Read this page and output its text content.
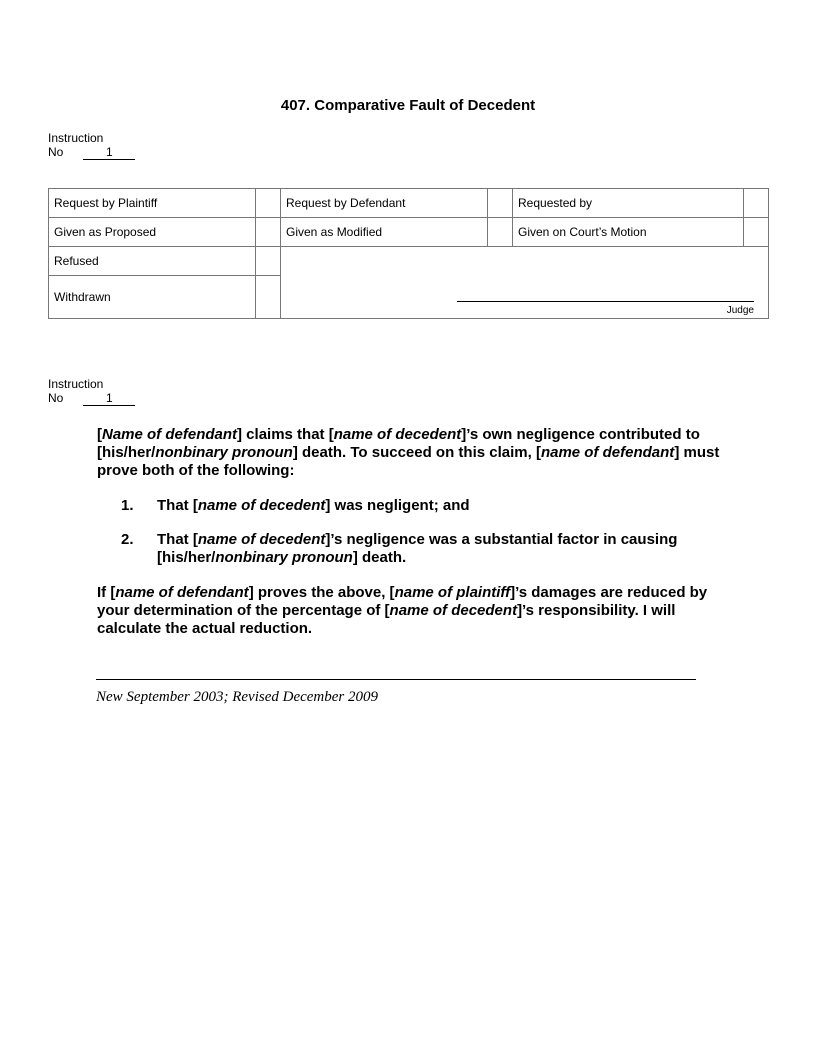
407. Comparative Fault of Decedent
Instruction
No	1
Request by Plaintiff		Request by Defendant		Requested by	
Given as Proposed		Given as Modified		Given on Court’s Motion	
Refused		Judge			

Withdrawn					
Instruction
No	1

[Name of defendant] claims that [name of decedent]’s own negligence contributed to [his/her/nonbinary pronoun] death. To succeed on this claim, [name of defendant] must prove both of the following:

1. That [name of decedent] was negligent; and
2. That [name of decedent]’s negligence was a substantial factor in causing [his/her/nonbinary pronoun] death.

If [name of defendant] proves the above, [name of plaintiff]’s damages are reduced by your determination of the percentage of [name of decedent]’s responsibility. I will calculate the actual reduction.

New September 2003; Revised December 2009
